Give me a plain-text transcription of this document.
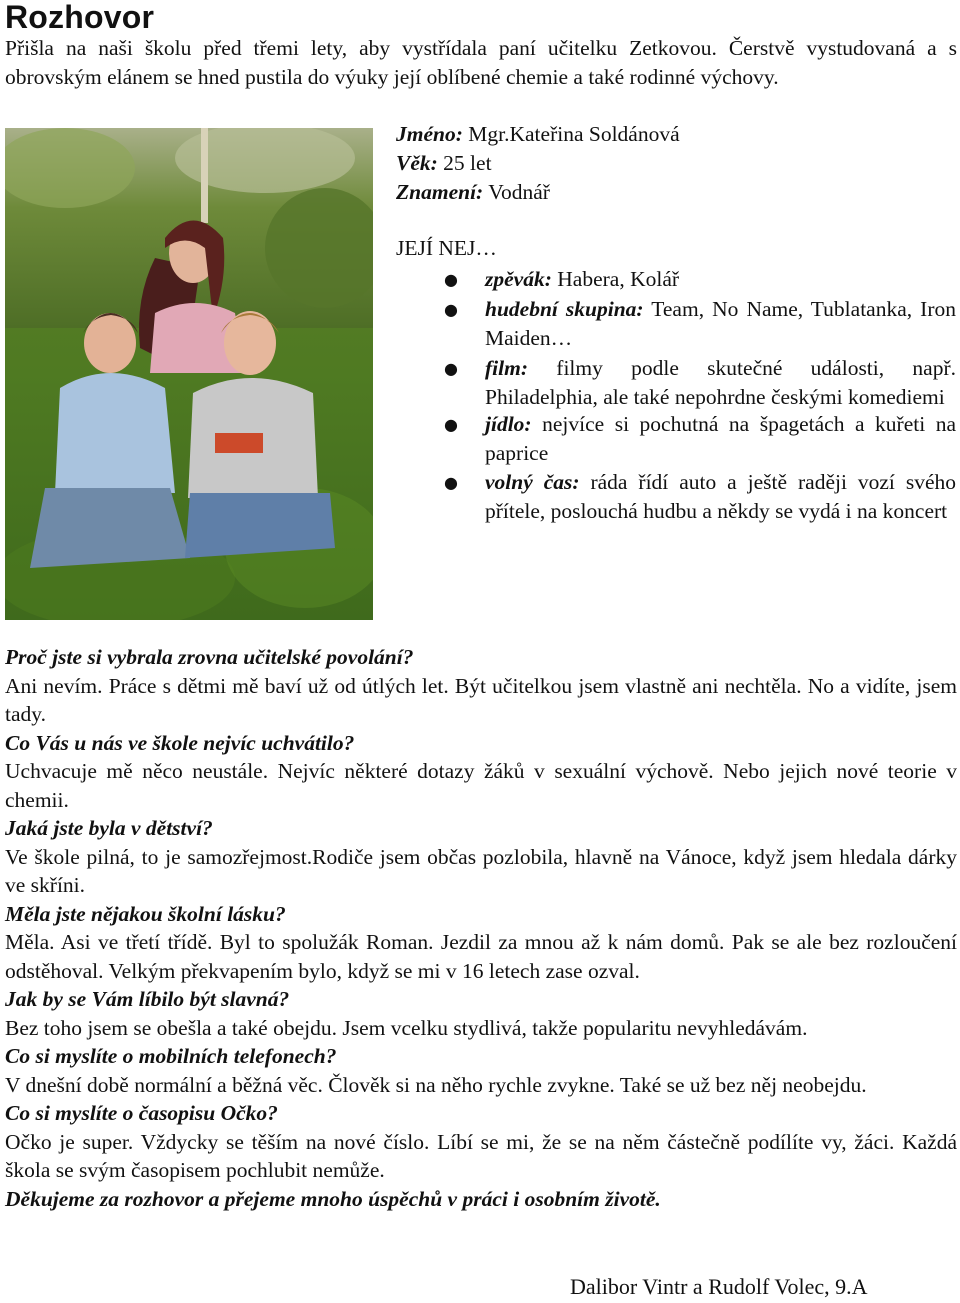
Rozhovor

Přišla na naši školu před třemi lety, aby vystřídala paní učitelku Zetkovou. Čerstvě vystudovaná a s obrovským elánem se hned pustila do výuky její oblíbené chemie a také rodinné výchovy.

Jméno: Mgr.Kateřina Soldánová
Věk: 25 let
Znamení: Vodnář
JEJÍ NEJ…
● zpěvák: Habera, Kolář
● hudební skupina: Team, No Name, Tublatanka, Iron Maiden…
● film: filmy podle skutečné události, např. Philadelphia, ale také nepohrdne českými komediemi
● jídlo: nejvíce si pochutná na špagetách a kuřeti na paprice
● volný čas: ráda řídí auto a ještě raději vozí svého přítele, poslouchá hudbu a někdy se vydá i na koncert

Proč jste si vybrala zrovna učitelské povolání?

Ani nevím. Práce s dětmi mě baví už od útlých let. Být učitelkou jsem vlastně ani nechtěla. No a vidíte, jsem tady.

Co Vás u nás ve škole nejvíc uchvátilo?

Uchvacuje mě něco neustále. Nejvíc některé dotazy žáků v sexuální výchově. Nebo jejich nové teorie v chemii.

Jaká jste byla v dětství?

Ve škole pilná, to je samozřejmost.Rodiče jsem občas pozlobila, hlavně na Vánoce, když jsem hledala dárky ve skříni.

Měla jste nějakou školní lásku?

Měla. Asi ve třetí třídě. Byl to spolužák Roman. Jezdil za mnou až k nám domů. Pak se ale bez rozloučení odstěhoval. Velkým překvapením bylo, když se mi v 16 letech zase ozval.

Jak by se Vám líbilo být slavná?

Bez toho jsem se obešla a také obejdu. Jsem vcelku stydlivá, takže popularitu nevyhledávám.

Co si myslíte o mobilních telefonech?

V dnešní době normální a běžná věc. Člověk si na něho rychle zvykne. Také se už bez něj neobejdu.

Co si myslíte o časopisu Očko?

Očko je super. Vždycky se těším na nové číslo. Líbí se mi, že se na něm částečně podílíte vy, žáci. Každá škola se svým časopisem pochlubit nemůže.

Děkujeme za rozhovor a přejeme mnoho úspěchů v práci i osobním životě.

Dalibor Vintr a Rudolf Volec, 9.A
